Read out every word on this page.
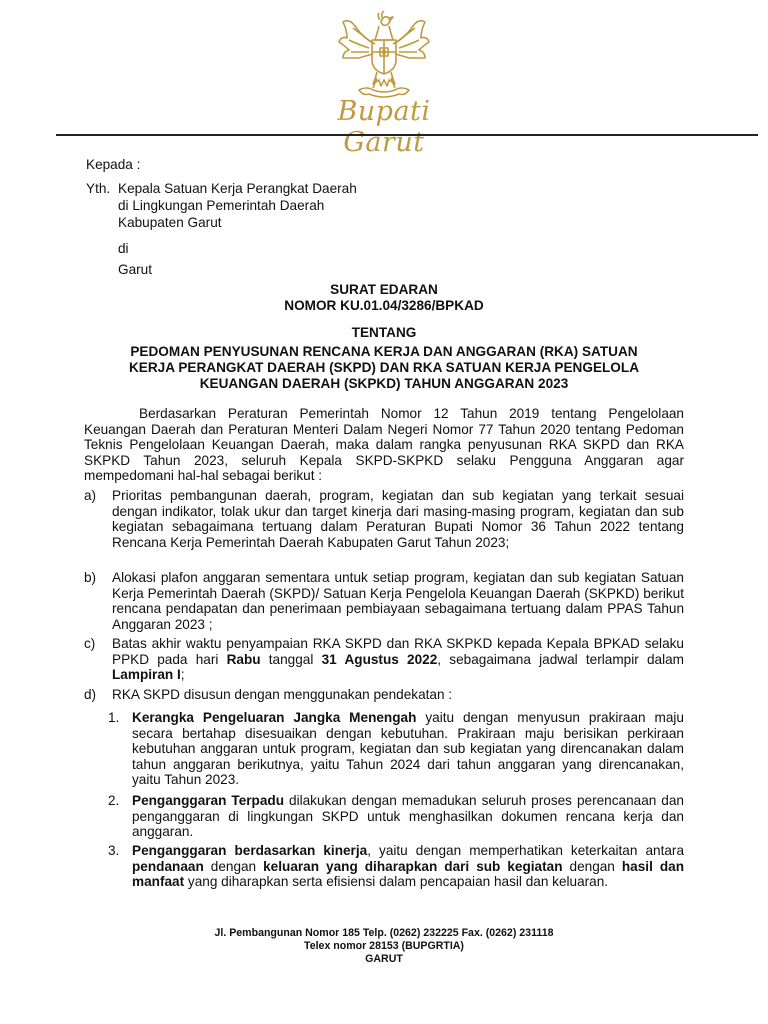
Bupati Garut
Kepada :
Yth. Kepala Satuan Kerja Perangkat Daerah
di Lingkungan Pemerintah Daerah
Kabupaten Garut
di
Garut
SURAT EDARAN
NOMOR KU.01.04/3286/BPKAD
TENTANG
PEDOMAN PENYUSUNAN RENCANA KERJA DAN ANGGARAN (RKA) SATUAN
KERJA PERANGKAT DAERAH (SKPD) DAN RKA SATUAN KERJA PENGELOLA
KEUANGAN DAERAH (SKPKD) TAHUN ANGGARAN 2023
Berdasarkan Peraturan Pemerintah Nomor 12 Tahun 2019 tentang Pengelolaan Keuangan Daerah dan Peraturan Menteri Dalam Negeri Nomor 77 Tahun 2020 tentang Pedoman Teknis Pengelolaan Keuangan Daerah, maka dalam rangka penyusunan RKA SKPD dan RKA SKPKD Tahun 2023, seluruh Kepala SKPD-SKPKD selaku Pengguna Anggaran agar mempedomani hal-hal sebagai berikut :
a)	Prioritas pembangunan daerah, program, kegiatan dan sub kegiatan yang terkait sesuai dengan indikator, tolak ukur dan target kinerja dari masing-masing program, kegiatan dan sub kegiatan sebagaimana tertuang dalam Peraturan Bupati Nomor 36 Tahun 2022 tentang Rencana Kerja Pemerintah Daerah Kabupaten Garut Tahun 2023;
b)	Alokasi plafon anggaran sementara untuk setiap program, kegiatan dan sub kegiatan Satuan Kerja Pemerintah Daerah (SKPD)/ Satuan Kerja Pengelola Keuangan Daerah (SKPKD) berikut rencana pendapatan dan penerimaan pembiayaan sebagaimana tertuang dalam PPAS Tahun Anggaran 2023 ;
c)	Batas akhir waktu penyampaian RKA SKPD dan RKA SKPKD kepada Kepala BPKAD selaku PPKD pada hari Rabu tanggal 31 Agustus 2022, sebagaimana jadwal terlampir dalam Lampiran I;
d)	RKA SKPD disusun dengan menggunakan pendekatan :
1. Kerangka Pengeluaran Jangka Menengah yaitu dengan menyusun prakiraan maju secara bertahap disesuaikan dengan kebutuhan. Prakiraan maju berisikan perkiraan kebutuhan anggaran untuk program, kegiatan dan sub kegiatan yang direncanakan dalam tahun anggaran berikutnya, yaitu Tahun 2024 dari tahun anggaran yang direncanakan, yaitu Tahun 2023.
2. Penganggaran Terpadu dilakukan dengan memadukan seluruh proses perencanaan dan penganggaran di lingkungan SKPD untuk menghasilkan dokumen rencana kerja dan anggaran.
3. Penganggaran berdasarkan kinerja, yaitu dengan memperhatikan keterkaitan antara pendanaan dengan keluaran yang diharapkan dari sub kegiatan dengan hasil dan manfaat yang diharapkan serta efisiensi dalam pencapaian hasil dan keluaran.
Jl. Pembangunan Nomor 185 Telp. (0262) 232225 Fax. (0262) 231118
Telex nomor 28153 (BUPGRTIA)
GARUT
